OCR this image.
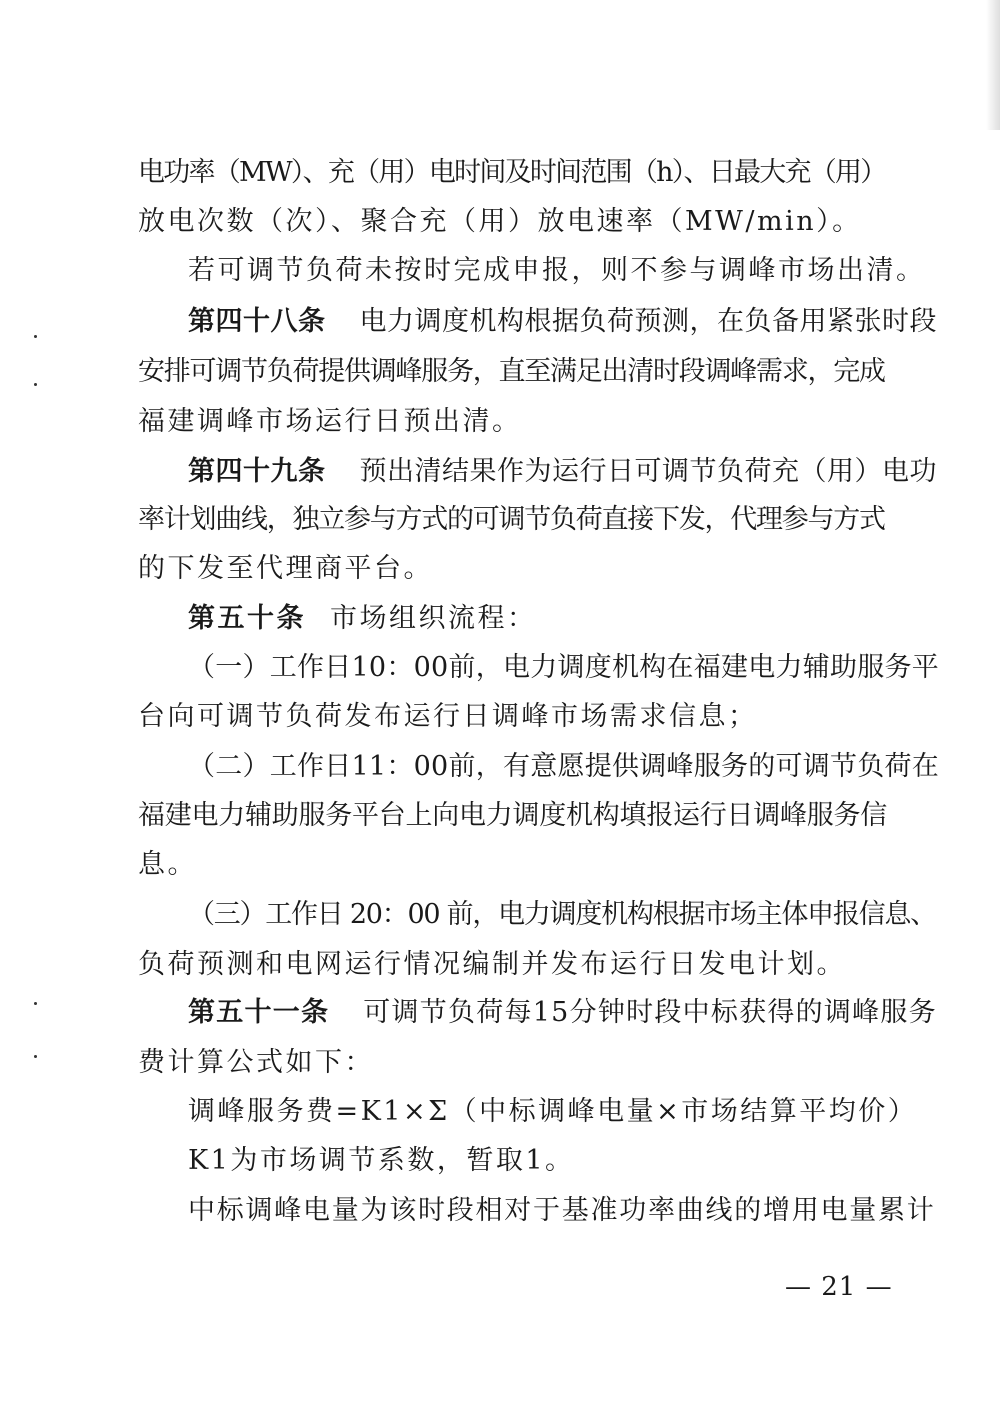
电功率（MW）、充（用）电时间及时间范围（h）、日最大充（用）
放电次数（次）、聚合充（用）放电速率（MW/min）。
若可调节负荷未按时完成申报，则不参与调峰市场出清。
第四十八条 电力调度机构根据负荷预测，在负备用紧张时段
安排可调节负荷提供调峰服务，直至满足出清时段调峰需求，完成
福建调峰市场运行日预出清。
第四十九条 预出清结果作为运行日可调节负荷充（用）电功
率计划曲线，独立参与方式的可调节负荷直接下发，代理参与方式
的下发至代理商平台。
第五十条 市场组织流程：
（一）工作日10：00前，电力调度机构在福建电力辅助服务平
台向可调节负荷发布运行日调峰市场需求信息；
（二）工作日11：00前，有意愿提供调峰服务的可调节负荷在
福建电力辅助服务平台上向电力调度机构填报运行日调峰服务信
息。
（三）工作日 20：00 前，电力调度机构根据市场主体申报信息、
负荷预测和电网运行情况编制并发布运行日发电计划。
第五十一条 可调节负荷每15分钟时段中标获得的调峰服务
费计算公式如下：
调峰服务费=K1×Σ（中标调峰电量×市场结算平均价）
K1为市场调节系数，暂取1。
中标调峰电量为该时段相对于基准功率曲线的增用电量累计
— 21 —
